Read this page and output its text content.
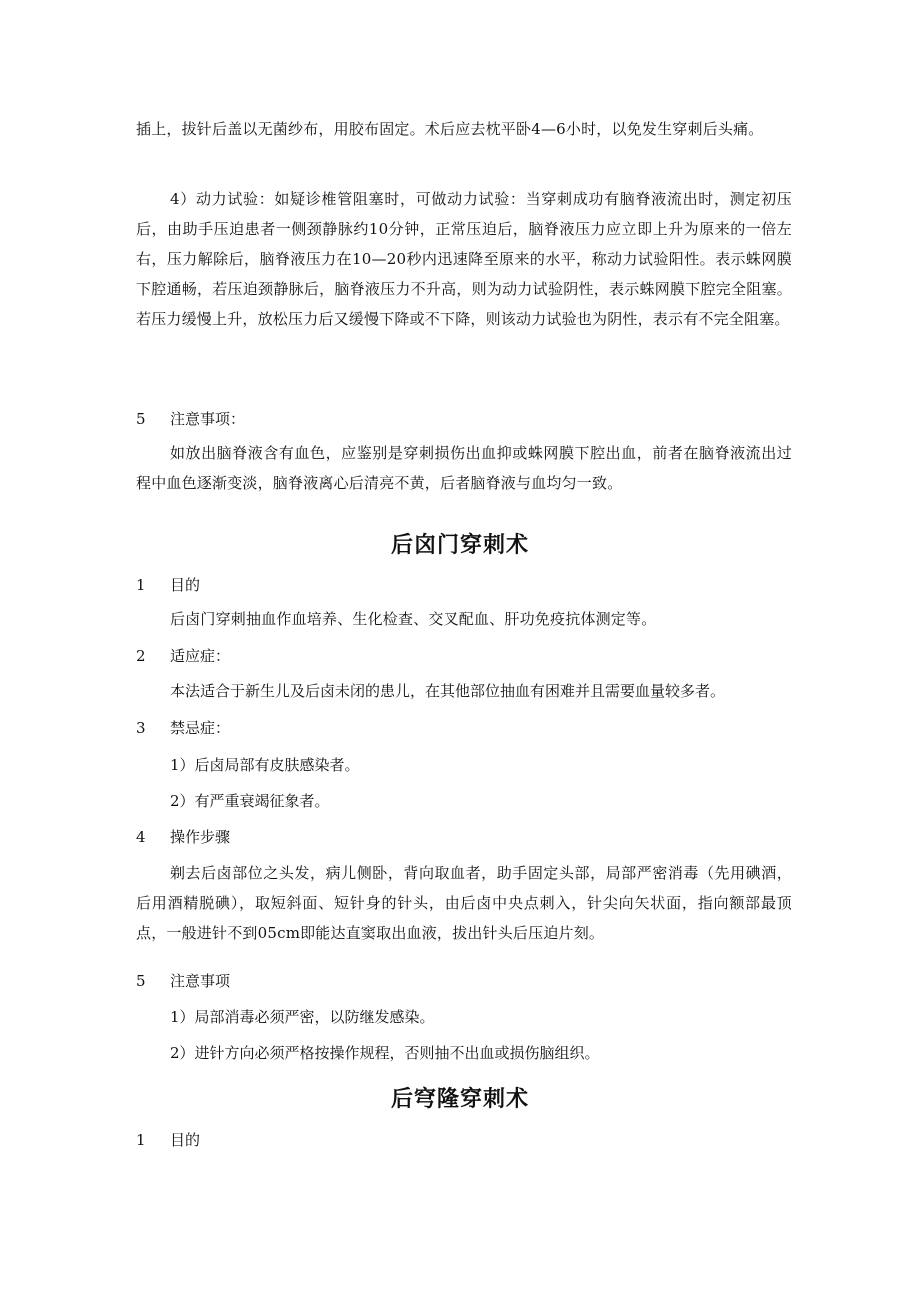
插上，拔针后盖以无菌纱布，用胶布固定。术后应去枕平卧4—6小时，以免发生穿刺后头痛。

4）动力试验：如疑诊椎管阻塞时，可做动力试验：当穿刺成功有脑脊液流出时，测定初压后，由助手压迫患者一侧颈静脉约10分钟，正常压迫后，脑脊液压力应立即上升为原来的一倍左右，压力解除后，脑脊液压力在10—20秒内迅速降至原来的水平，称动力试验阳性。表示蛛网膜下腔通畅，若压迫颈静脉后，脑脊液压力不升高，则为动力试验阴性，表示蛛网膜下腔完全阻塞。若压力缓慢上升，放松压力后又缓慢下降或不下降，则该动力试验也为阴性，表示有不完全阻塞。

5 注意事项：

如放出脑脊液含有血色，应鉴别是穿刺损伤出血抑或蛛网膜下腔出血，前者在脑脊液流出过程中血色逐渐变淡，脑脊液离心后清亮不黄，后者脑脊液与血均匀一致。

后囟门穿刺术

1 目的

后卤门穿刺抽血作血培养、生化检查、交叉配血、肝功免疫抗体测定等。

2 适应症：

本法适合于新生儿及后卤未闭的患儿，在其他部位抽血有困难并且需要血量较多者。

3 禁忌症：

1）后卤局部有皮肤感染者。

2）有严重衰竭征象者。

4 操作步骤

剃去后卤部位之头发，病儿侧卧，背向取血者，助手固定头部，局部严密消毒（先用碘酒，后用酒精脱碘），取短斜面、短针身的针头，由后卤中央点刺入，针尖向矢状面，指向额部最顶点，一般进针不到05cm即能达直窦取出血液，拔出针头后压迫片刻。

5 注意事项

1）局部消毒必须严密，以防继发感染。

2）进针方向必须严格按操作规程，否则抽不出血或损伤脑组织。

后穹隆穿刺术

1 目的
